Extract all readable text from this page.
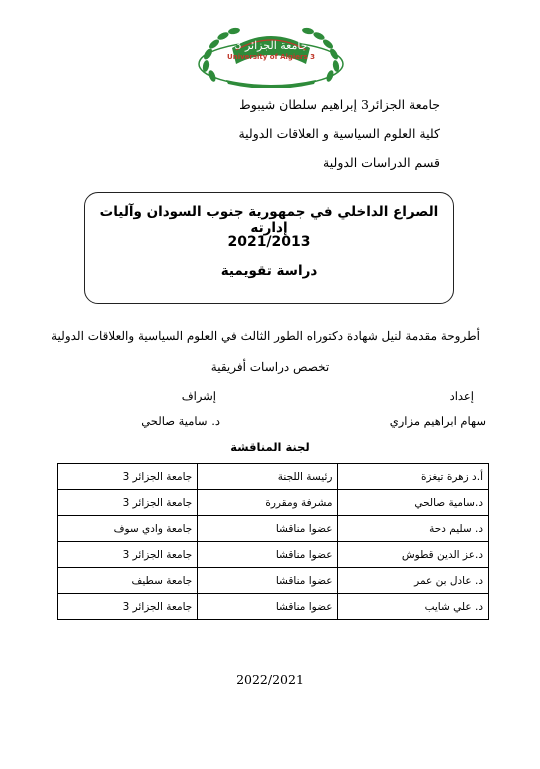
جامعة الجزائر 3
University of Algiers 3
جامعة الجزائر3 إبراهيم سلطان شيبوط
كلية العلوم السياسية و العلاقات الدولية
قسم الدراسات الدولية
الصراع الداخلي في جمهورية جنوب السودان وآليات إدارته
2021/2013
دراسة تقويمية
أطروحة مقدمة لنيل شهادة دكتوراه الطور الثالث في العلوم السياسية والعلاقات الدولية
تخصص دراسات أفريقية
إعداد
إشراف
سهام ابراهيم مزاري
د. سامية صالحي
لجنة المناقشة
أ.د زهرة تيغزة	رئيسة اللجنة	جامعة الجزائر 3
د.سامية صالحي	مشرفة ومقررة	جامعة الجزائر 3
د. سليم دحة	عضوا مناقشا	جامعة وادي سوف
د.عز الدين قطوش	عضوا مناقشا	جامعة الجزائر 3
د. عادل بن عمر	عضوا مناقشا	جامعة سطيف
د. علي شايب	عضوا مناقشا	جامعة الجزائر 3
2022/2021
